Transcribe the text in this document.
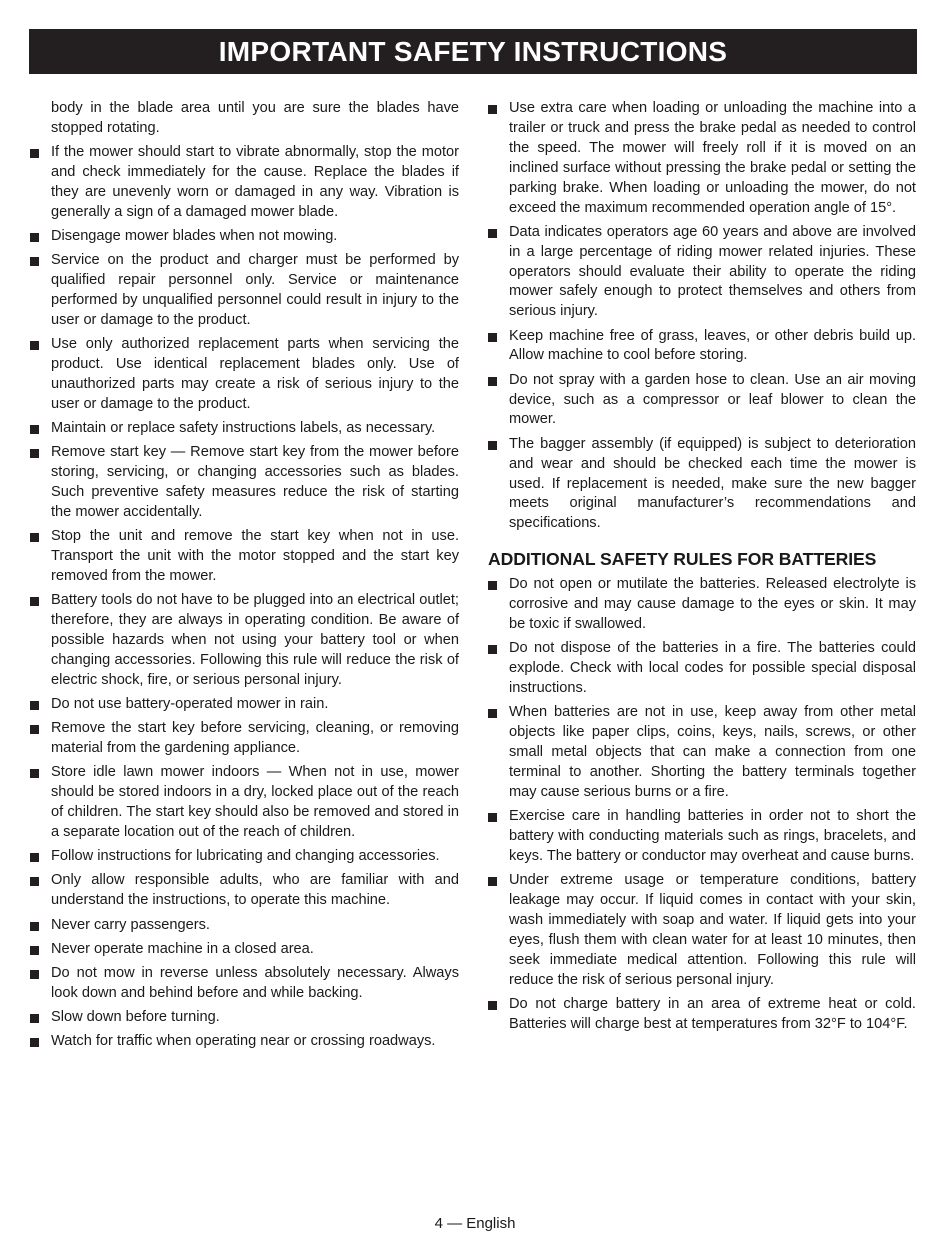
IMPORTANT SAFETY INSTRUCTIONS
body in the blade area until you are sure the blades have stopped rotating.
If the mower should start to vibrate abnormally, stop the motor and check immediately for the cause. Replace the blades if they are unevenly worn or damaged in any way. Vibration is generally a sign of a damaged mower blade.
Disengage mower blades when not mowing.
Service on the product and charger must be performed by qualified repair personnel only. Service or maintenance performed by unqualified personnel could result in injury to the user or damage to the product.
Use only authorized replacement parts when servicing the product. Use identical replacement blades only. Use of unauthorized parts may create a risk of serious injury to the user or damage to the product.
Maintain or replace safety instructions labels, as necessary.
Remove start key — Remove start key from the mower before storing, servicing, or changing accessories such as blades. Such preventive safety measures reduce the risk of starting the mower accidentally.
Stop the unit and remove the start key when not in use. Transport the unit with the motor stopped and the start key removed from the mower.
Battery tools do not have to be plugged into an electrical outlet; therefore, they are always in operating condition. Be aware of possible hazards when not using your battery tool or when changing accessories. Following this rule will reduce the risk of electric shock, fire, or serious personal injury.
Do not use battery-operated mower in rain.
Remove the start key before servicing, cleaning, or removing material from the gardening appliance.
Store idle lawn mower indoors — When not in use, mower should be stored indoors in a dry, locked place out of the reach of children. The start key should also be removed and stored in a separate location out of the reach of children.
Follow instructions for lubricating and changing accessories.
Only allow responsible adults, who are familiar with and understand the instructions, to operate this machine.
Never carry passengers.
Never operate machine in a closed area.
Do not mow in reverse unless absolutely necessary. Always look down and behind before and while backing.
Slow down before turning.
Watch for traffic when operating near or crossing roadways.
Use extra care when loading or unloading the machine into a trailer or truck and press the brake pedal as needed to control the speed. The mower will freely roll if it is moved on an inclined surface without pressing the brake pedal or setting the parking brake. When loading or unloading the mower, do not exceed the maximum recommended operation angle of 15°.
Data indicates operators age 60 years and above are involved in a large percentage of riding mower related injuries. These operators should evaluate their ability to operate the riding mower safely enough to protect themselves and others from serious injury.
Keep machine free of grass, leaves, or other debris build up. Allow machine to cool before storing.
Do not spray with a garden hose to clean. Use an air moving device, such as a compressor or leaf blower to clean the mower.
The bagger assembly (if equipped) is subject to deterioration and wear and should be checked each time the mower is used. If replacement is needed, make sure the new bagger meets original manufacturer’s recommendations and specifications.
ADDITIONAL SAFETY RULES FOR BATTERIES
Do not open or mutilate the batteries. Released electrolyte is corrosive and may cause damage to the eyes or skin. It may be toxic if swallowed.
Do not dispose of the batteries in a fire. The batteries could explode. Check with local codes for possible special disposal instructions.
When batteries are not in use, keep away from other metal objects like paper clips, coins, keys, nails, screws, or other small metal objects that can make a connection from one terminal to another. Shorting the battery terminals together may cause serious burns or a fire.
Exercise care in handling batteries in order not to short the battery with conducting materials such as rings, bracelets, and keys. The battery or conductor may overheat and cause burns.
Under extreme usage or temperature conditions, battery leakage may occur. If liquid comes in contact with your skin, wash immediately with soap and water. If liquid gets into your eyes, flush them with clean water for at least 10 minutes, then seek immediate medical attention. Following this rule will reduce the risk of serious personal injury.
Do not charge battery in an area of extreme heat or cold. Batteries will charge best at temperatures from 32°F to 104°F.
4 — English
